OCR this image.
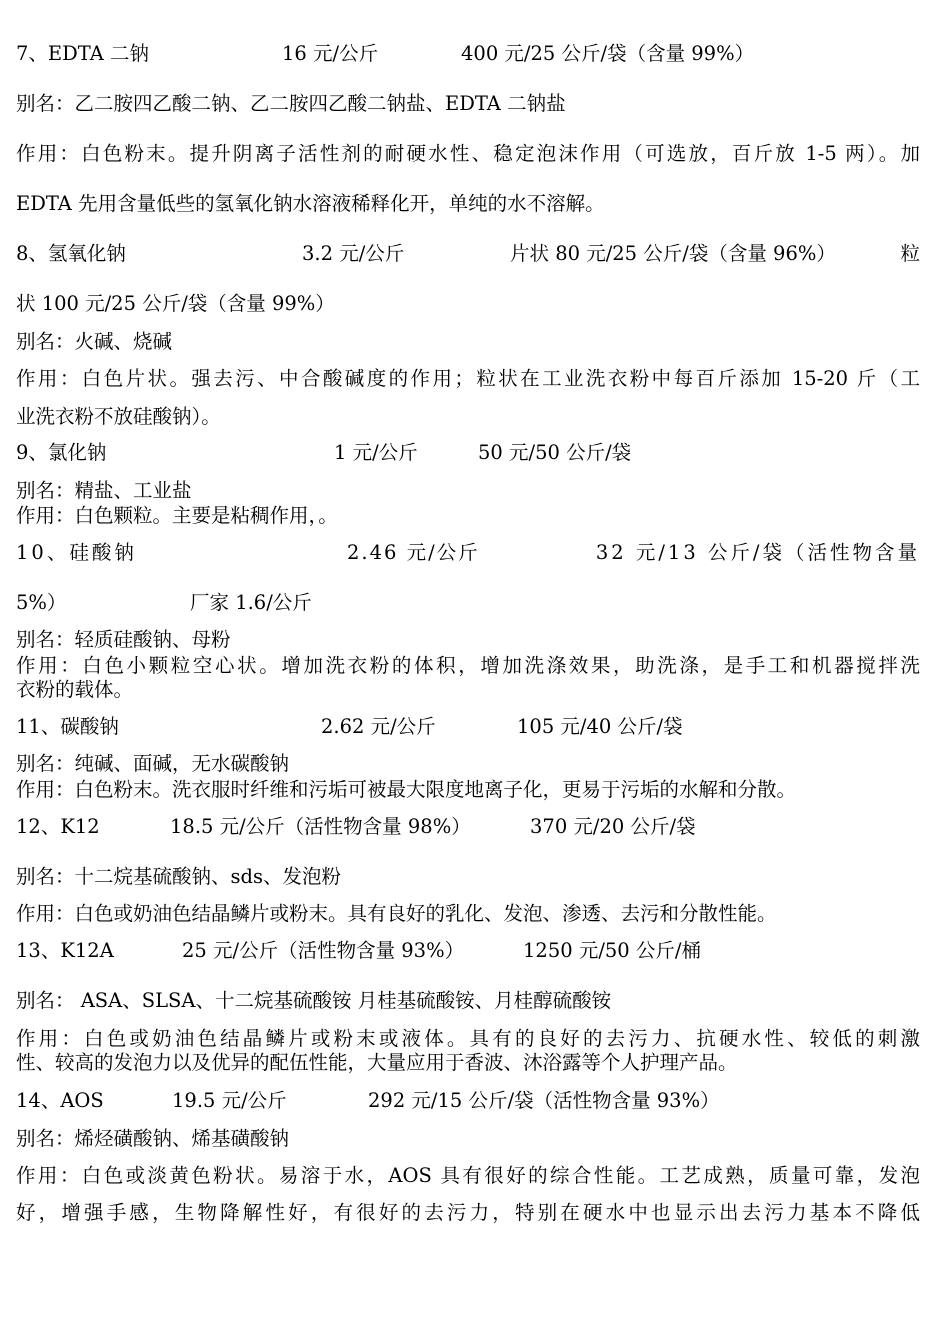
7、EDTA 二钠	16 元/公斤	400 元/25 公斤/袋（含量 99%）
别名：乙二胺四乙酸二钠、乙二胺四乙酸二钠盐、EDTA 二钠盐
作用：白色粉末。提升阴离子活性剂的耐硬水性、稳定泡沫作用（可选放，百斤放 1-5 两）。加
EDTA 先用含量低些的氢氧化钠水溶液稀释化开，单纯的水不溶解。
8、氢氧化钠	3.2 元/公斤	片状 80 元/25 公斤/袋（含量 96%）	粒
状 100 元/25 公斤/袋（含量 99%）
别名：火碱、烧碱
作用：白色片状。强去污、中合酸碱度的作用；粒状在工业洗衣粉中每百斤添加 15-20 斤（工
业洗衣粉不放硅酸钠）。
9、氯化钠	1 元/公斤	50 元/50 公斤/袋
别名：精盐、工业盐
作用：白色颗粒。主要是粘稠作用，。
10、硅酸钠	2.46 元/公斤	32 元/13 公斤/袋（活性物含量
5%）	厂家 1.6/公斤
别名：轻质硅酸钠、母粉
作用：白色小颗粒空心状。增加洗衣粉的体积，增加洗涤效果，助洗涤，是手工和机器搅拌洗
衣粉的载体。
11、碳酸钠	2.62 元/公斤	105 元/40 公斤/袋
别名：纯碱、面碱，无水碳酸钠
作用：白色粉末。洗衣服时纤维和污垢可被最大限度地离子化，更易于污垢的水解和分散。
12、K12	18.5 元/公斤（活性物含量 98%）	370 元/20 公斤/袋
别名：十二烷基硫酸钠、sds、发泡粉
作用：白色或奶油色结晶鳞片或粉末。具有良好的乳化、发泡、渗透、去污和分散性能。
13、K12A	25 元/公斤（活性物含量 93%）	1250 元/50 公斤/桶
别名： ASA、SLSA、十二烷基硫酸铵 月桂基硫酸铵、月桂醇硫酸铵
作用：白色或奶油色结晶鳞片或粉末或液体。具有的良好的去污力、抗硬水性、较低的刺激
性、较高的发泡力以及优异的配伍性能，大量应用于香波、沐浴露等个人护理产品。
14、AOS	19.5 元/公斤	292 元/15 公斤/袋（活性物含量 93%）
别名：烯烃磺酸钠、烯基磺酸钠
作用：白色或淡黄色粉状。易溶于水，AOS 具有很好的综合性能。工艺成熟，质量可靠，发泡
好，增强手感，生物降解性好，有很好的去污力，特别在硬水中也显示出去污力基本不降低
